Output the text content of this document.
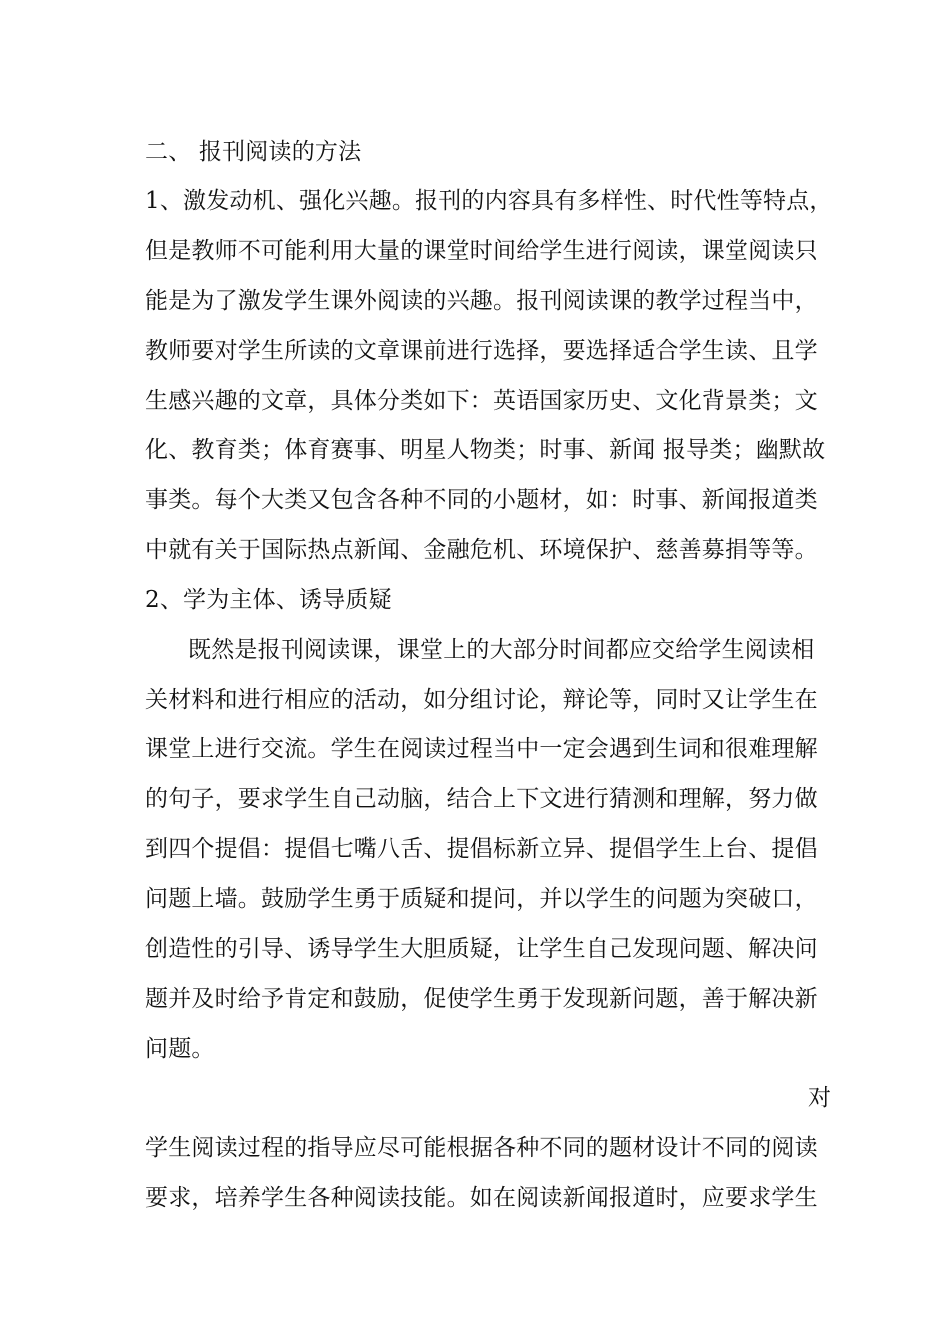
二、 报刊阅读的方法
1、激发动机、强化兴趣。报刊的内容具有多样性、时代性等特点，
但是教师不可能利用大量的课堂时间给学生进行阅读，课堂阅读只
能是为了激发学生课外阅读的兴趣。报刊阅读课的教学过程当中，
教师要对学生所读的文章课前进行选择，要选择适合学生读、且学
生感兴趣的文章，具体分类如下：英语国家历史、文化背景类；文
化、教育类；体育赛事、明星人物类；时事、新闻 报导类；幽默故
事类。每个大类又包含各种不同的小题材，如：时事、新闻报道类
中就有关于国际热点新闻、金融危机、环境保护、慈善募捐等等。
2、学为主体、诱导质疑
既然是报刊阅读课，课堂上的大部分时间都应交给学生阅读相
关材料和进行相应的活动，如分组讨论，辩论等，同时又让学生在
课堂上进行交流。学生在阅读过程当中一定会遇到生词和很难理解
的句子，要求学生自己动脑，结合上下文进行猜测和理解，努力做
到四个提倡：提倡七嘴八舌、提倡标新立异、提倡学生上台、提倡
问题上墙。鼓励学生勇于质疑和提问，并以学生的问题为突破口，
创造性的引导、诱导学生大胆质疑，让学生自己发现问题、解决问
题并及时给予肯定和鼓励，促使学生勇于发现新问题，善于解决新
问题。
对
学生阅读过程的指导应尽可能根据各种不同的题材设计不同的阅读
要求，培养学生各种阅读技能。如在阅读新闻报道时，应要求学生
